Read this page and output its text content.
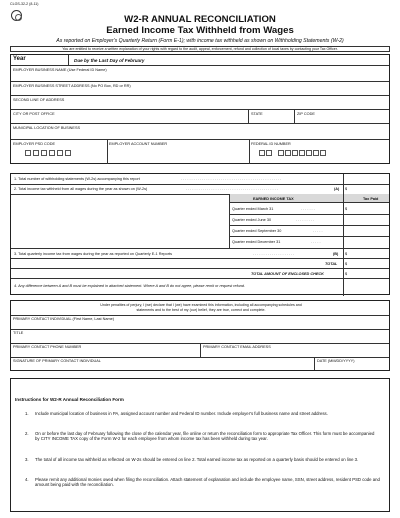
CLGS-32-2 (8-11)
W2-R ANNUAL RECONCILIATION
Earned Income Tax Withheld from Wages
As reported on Employer's Quarterly Return (Form E-1); with income tax withheld as shown on Withholding Statements (W-2)
You are entitled to receive a written explanation of your rights with regard to the audit, appeal, enforcement, refund and collection of local taxes by contacting your Tax Officer.
Year	Due by the Last Day of February
EMPLOYER BUSINESS NAME (Use Federal ID Name)
EMPLOYER BUSINESS STREET ADDRESS (No PO Box, RD or RR)
SECOND LINE OF ADDRESS
CITY OR POST OFFICE	STATE	ZIP CODE
MUNICIPAL LOCATION OF BUSINESS
EMPLOYER PSD CODE	EMPLOYER ACCOUNT NUMBER	FEDERAL ID NUMBER
1. Total number of withholding statements (W-2s) accompanying this report	. . . . . . . . . . . . . . . . . . . . . . . . . . . . . . . . . . . . . . . . . . . . . . . .
2. Total income tax withheld from all wages during the year as shown on (W-2s)	. . . . . . . . . . . . . . . . . . . . . . . . . . . . . . . . . . . . . . . . . . . .	(A) $
EARNED INCOME TAX	Tax Paid
Quarter ended March 31	. . . . . . .	$
Quarter ended June 30	. . . . . . . . .
Quarter ended September 30	. . . . .
Quarter ended December 31	. . . . .
3. Total quarterly income tax from wages during the year as reported on Quarterly E-1 Reports	. . . . . . . . . . . . . . . . . . . .	(B) $
TOTAL $
TOTAL AMOUNT OF ENCLOSED CHECK	$
4. Any difference between A and B must be explained in attached statement. Where A and B do not agree, please remit or request refund.
Under penalties of perjury, I (we) declare that I (we) have examined this information, including all accompanying schedules and statements and to the best of my (our) belief, they are true, correct and complete.
PRIMARY CONTACT INDIVIDUAL (First Name, Last Name)
TITLE
PRIMARY CONTACT PHONE NUMBER	PRIMARY CONTACT EMAIL ADDRESS
SIGNATURE OF PRIMARY CONTACT INDIVIDUAL	DATE (MM/DD/YYYY)
Instructions for W2-R Annual Reconciliation Form
1. Include municipal location of business in PA, assigned account number and Federal ID number. Include employer's full business name and street address.
2. On or before the last day of February following the close of the calendar year, file online or return the reconciliation form to appropriate Tax Officer. This form must be accompanied by CITY INCOME TAX copy of the Form W-2 for each employee from whom income tax has been withheld during tax year.
3. The total of all income tax withheld as reflected on W-2s should be entered on line 2. Total earned income tax as reported on a quarterly basis should be entered on line 3.
4. Please remit any additional monies owed when filing the reconciliation. Attach statement of explanation and include the employee name, SSN, street address, resident PSD code and amount being paid with the reconciliation.
